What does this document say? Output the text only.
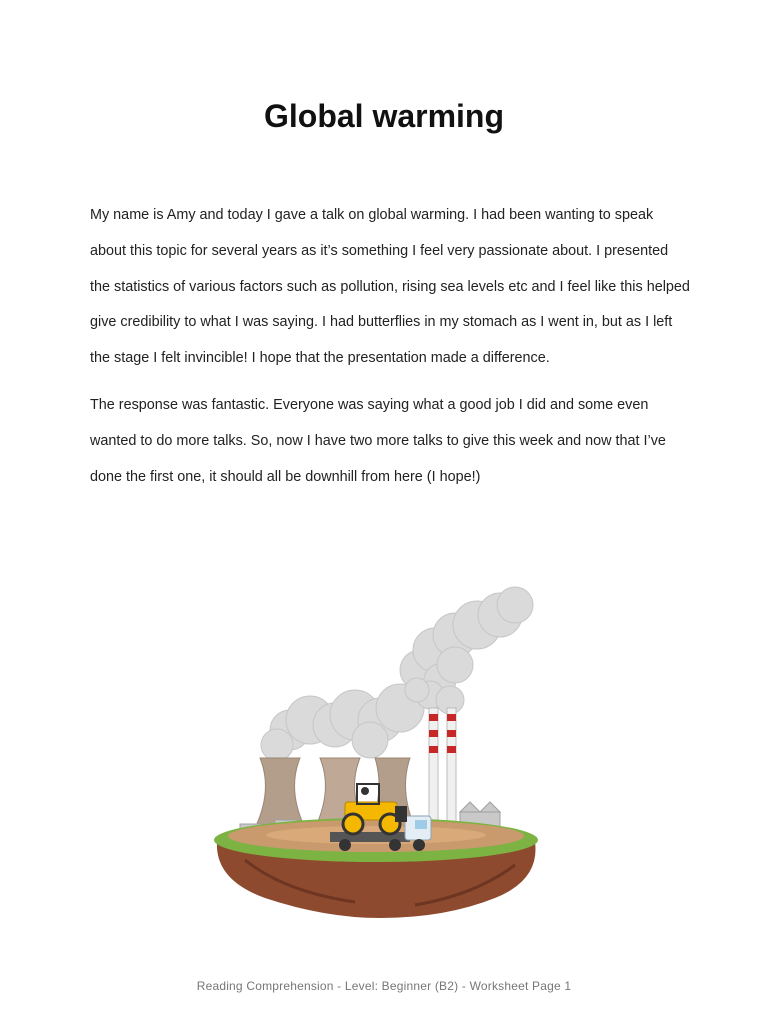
Global warming

My name is Amy and today I gave a talk on global warming. I had been wanting to speak about this topic for several years as it’s something I feel very passionate about. I presented the statistics of various factors such as pollution, rising sea levels etc and I feel like this helped give credibility to what I was saying. I had butterflies in my stomach as I went in, but as I left the stage I felt invincible! I hope that the presentation made a difference.

The response was fantastic. Everyone was saying what a good job I did and some even wanted to do more talks. So, now I have two more talks to give this week and now that I’ve done the first one, it should all be downhill from here (I hope!)

Reading Comprehension - Level: Beginner (B2) - Worksheet Page 1
